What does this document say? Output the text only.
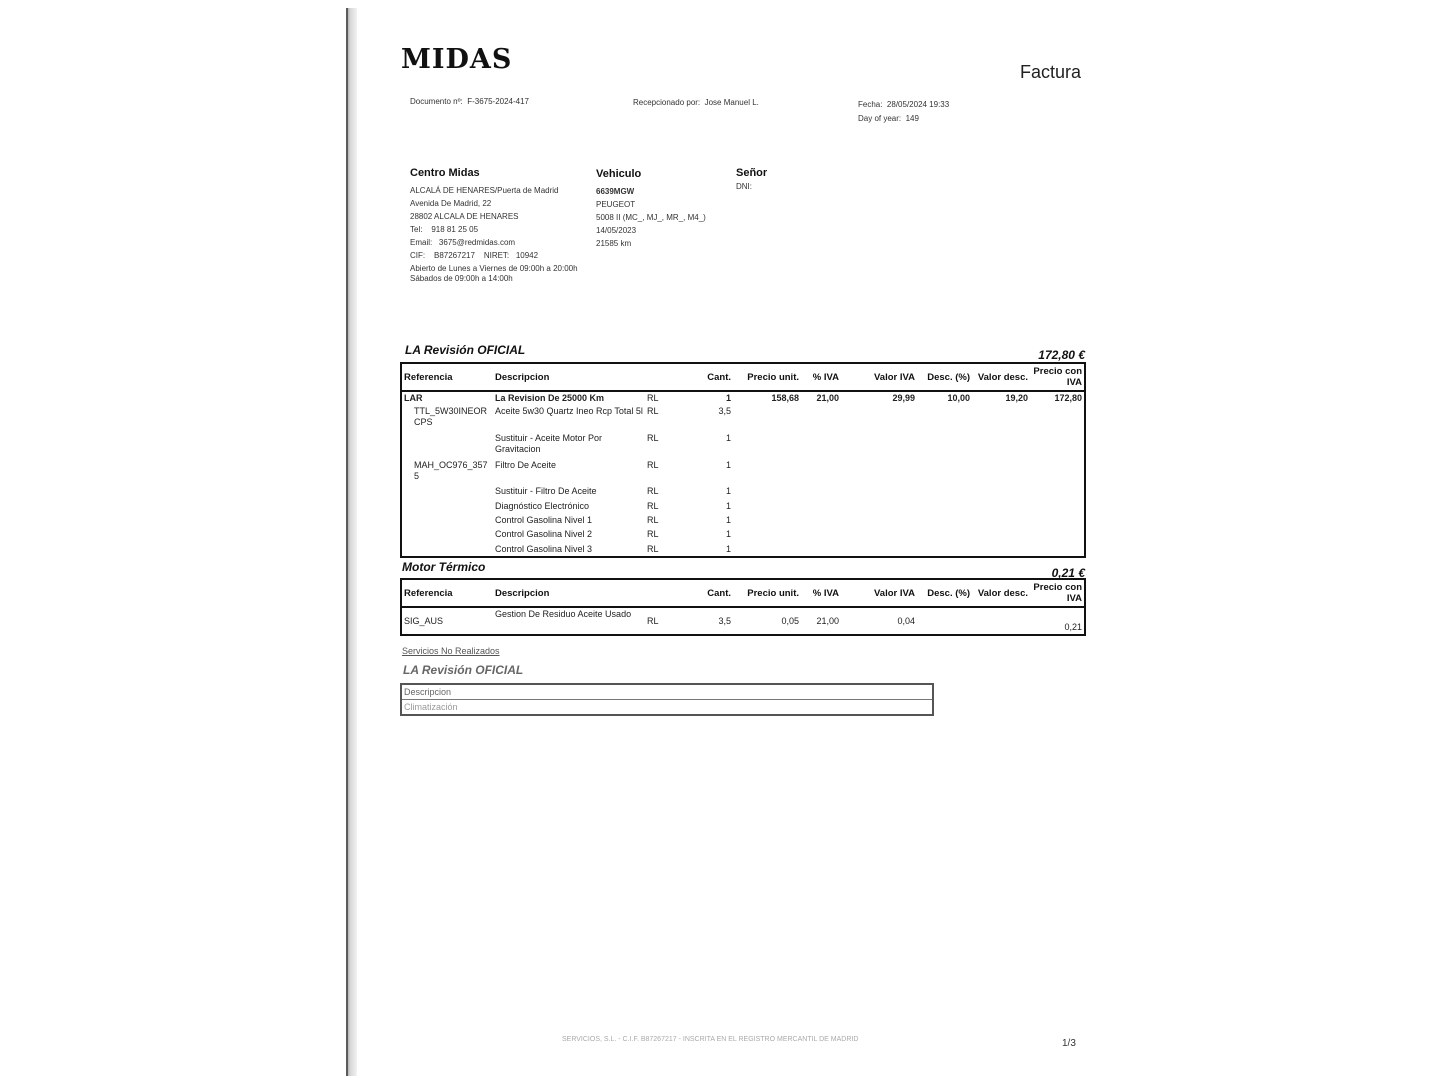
MIDAS	Factura
Documento nº: F-3675-2024-417	Recepcionado por: Jose Manuel L.	Fecha: 28/05/2024 19:33
Day of year: 149
Centro Midas
ALCALÁ DE HENARES/Puerta de Madrid
Avenida De Madrid, 22
28802 ALCALA DE HENARES
Tel:    918 81 25 05
Email:   3675@redmidas.com
CIF:    B87267217    NIRET:   10942
Abierto de Lunes a Viernes de 09:00h a 20:00h
Sábados de 09:00h a 14:00h
Vehiculo
6639MGW
PEUGEOT
5008 II (MC_, MJ_, MR_, M4_)
14/05/2023
21585 km
Señor
DNI:
LA Revisión OFICIAL	172,80 €
Referencia	Descripcion		Cant.	Precio unit.	% IVA	Valor IVA	Desc. (%)	Valor desc.	Precio con IVA
LAR	La Revision De 25000 Km	RL	1	158,68	21,00	29,99	10,00	19,20	172,80
TTL_5W30INEOR CPS	Aceite 5w30 Quartz Ineo Rcp Total 5l	RL	3,5						
	Sustituir - Aceite Motor Por Gravitacion	RL	1						
MAH_OC976_357 5	Filtro De Aceite	RL	1						
	Sustituir - Filtro De Aceite	RL	1						
	Diagnóstico Electrónico	RL	1						
	Control Gasolina Nivel 1	RL	1						
	Control Gasolina Nivel 2	RL	1						
	Control Gasolina Nivel 3	RL	1						
Motor Térmico	0,21 €
Referencia	Descripcion		Cant.	Precio unit.	% IVA	Valor IVA	Desc. (%)	Valor desc.	Precio con IVA
SIG_AUS	Gestion De Residuo Aceite Usado	RL	3,5	0,05	21,00	0,04			0,21
Servicios No Realizados
LA Revisión OFICIAL
Descripcion
Climatización
SERVICIOS, S.L. - C.I.F. B87267217 - INSCRITA EN EL REGISTRO MERCANTIL DE MADRID	1/3
